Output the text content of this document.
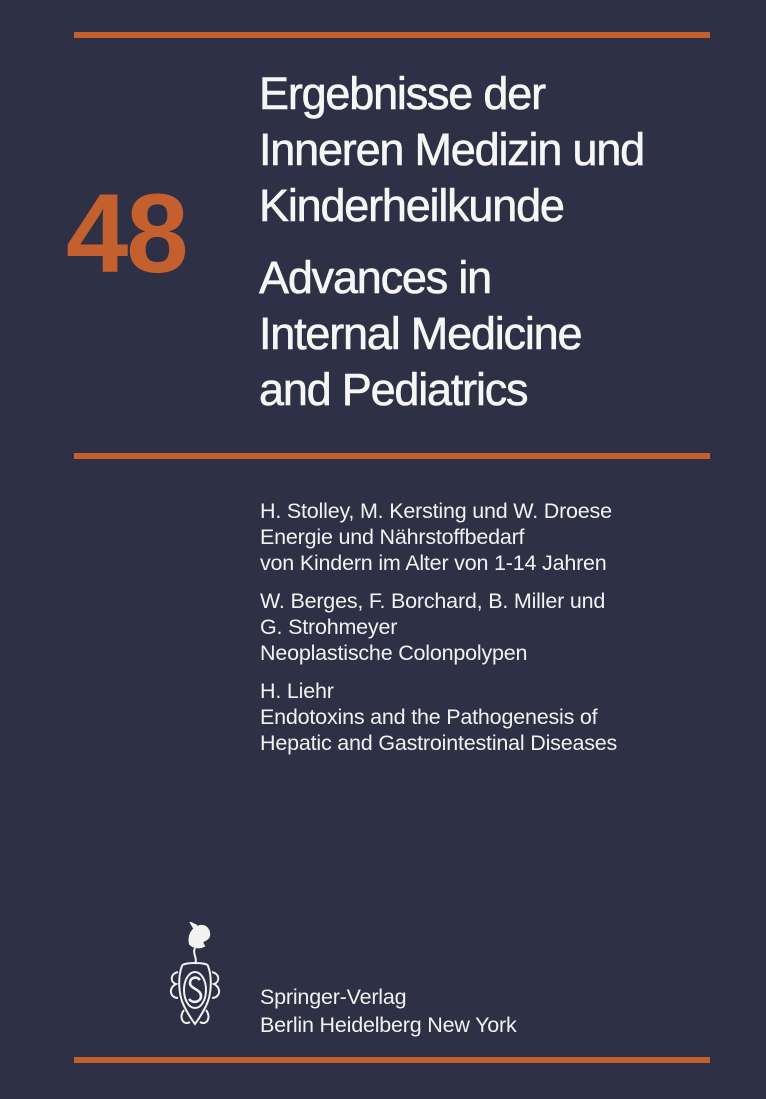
48
Ergebnisse der
Inneren Medizin und
Kinderheilkunde
Advances in
Internal Medicine
and Pediatrics
H. Stolley, M. Kersting und W. Droese
Energie und Nährstoffbedarf
von Kindern im Alter von 1-14 Jahren
W. Berges, F. Borchard, B. Miller und
G. Strohmeyer
Neoplastische Colonpolypen
H. Liehr
Endotoxins and the Pathogenesis of
Hepatic and Gastrointestinal Diseases
Springer-Verlag
Berlin Heidelberg New York
